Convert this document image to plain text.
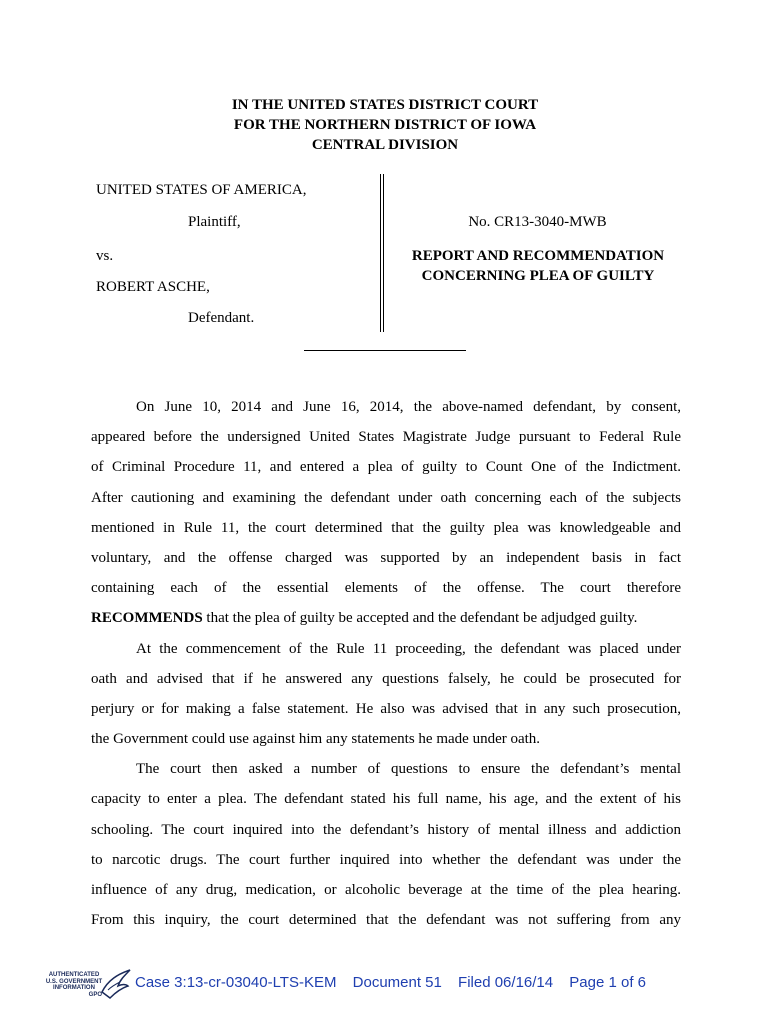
IN THE UNITED STATES DISTRICT COURT
FOR THE NORTHERN DISTRICT OF IOWA
CENTRAL DIVISION
UNITED STATES OF AMERICA,
Plaintiff,
vs.
ROBERT ASCHE,
Defendant.
No. CR13-3040-MWB
REPORT AND RECOMMENDATION
CONCERNING PLEA OF GUILTY
On June 10, 2014 and June 16, 2014, the above-named defendant, by consent,
appeared before the undersigned United States Magistrate Judge pursuant to Federal Rule
of Criminal Procedure 11, and entered a plea of guilty to Count One of the Indictment.
After cautioning and examining the defendant under oath concerning each of the subjects
mentioned in Rule 11, the court determined that the guilty plea was knowledgeable and
voluntary, and the offense charged was supported by an independent basis in fact
containing each of the essential elements of the offense. The court therefore
RECOMMENDS that the plea of guilty be accepted and the defendant be adjudged guilty.
At the commencement of the Rule 11 proceeding, the defendant was placed under
oath and advised that if he answered any questions falsely, he could be prosecuted for
perjury or for making a false statement. He also was advised that in any such prosecution,
the Government could use against him any statements he made under oath.
The court then asked a number of questions to ensure the defendant’s mental
capacity to enter a plea. The defendant stated his full name, his age, and the extent of his
schooling. The court inquired into the defendant’s history of mental illness and addiction
to narcotic drugs. The court further inquired into whether the defendant was under the
influence of any drug, medication, or alcoholic beverage at the time of the plea hearing.
From this inquiry, the court determined that the defendant was not suffering from any
AUTHENTICATED
U.S. GOVERNMENT
INFORMATION
GPO
Case 3:13-cr-03040-LTS-KEM Document 51 Filed 06/16/14 Page 1 of 6
